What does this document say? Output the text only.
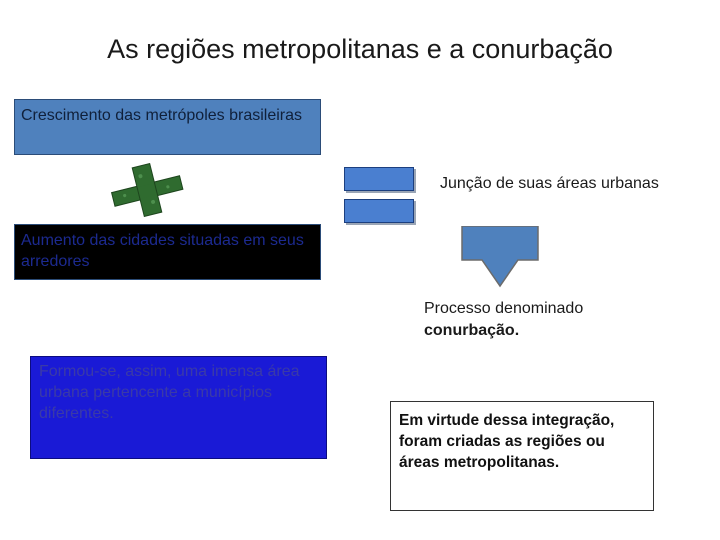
As regiões metropolitanas e a conurbação
Crescimento das metrópoles brasileiras
Junção de suas áreas urbanas
Aumento das cidades situadas em seus arredores
Processo denominado
conurbação.
Formou-se, assim, uma imensa área urbana pertencente a municípios diferentes.	Em virtude dessa integração, foram criadas as regiões ou áreas metropolitanas.
